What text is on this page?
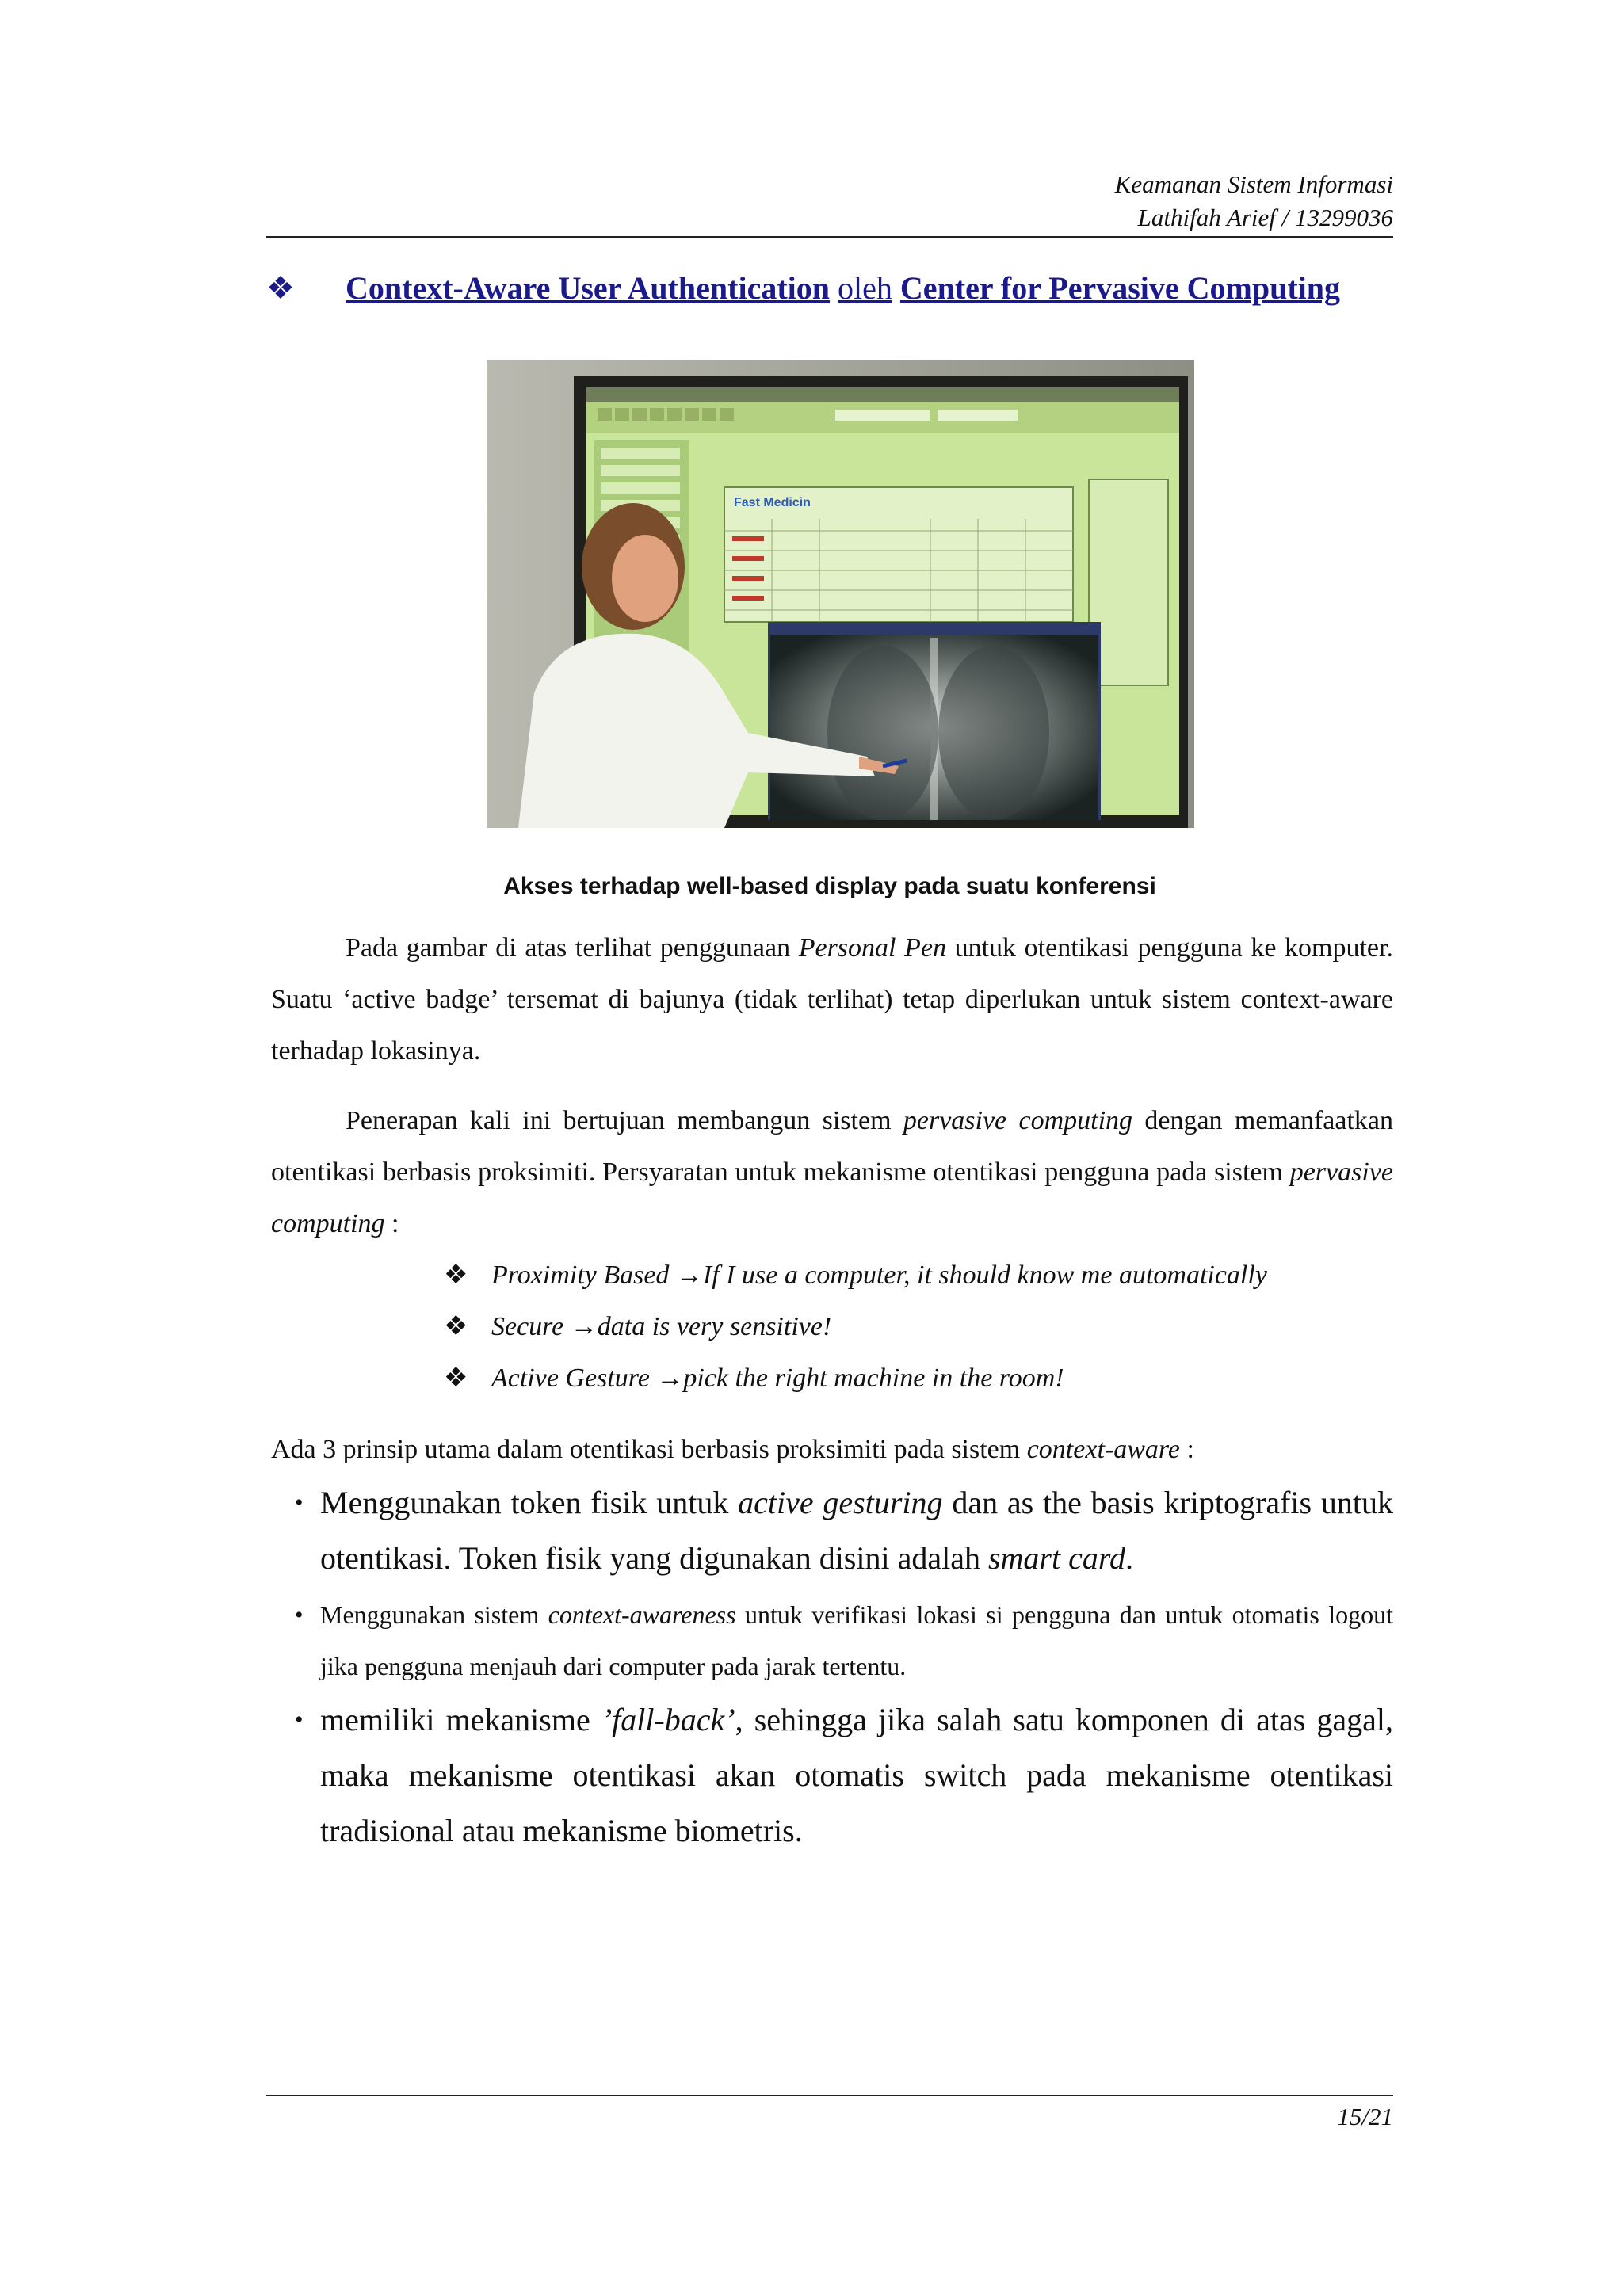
Keamanan Sistem Informasi
Lathifah Arief / 13299036
❖ Context-Aware User Authentication oleh Center for Pervasive Computing
Fast Medicin
Akses terhadap well-based display pada suatu konferensi
Pada gambar di atas terlihat penggunaan Personal Pen untuk otentikasi pengguna ke komputer. Suatu ‘active badge’ tersemat di bajunya (tidak terlihat) tetap diperlukan untuk sistem context-aware terhadap lokasinya.
Penerapan kali ini bertujuan membangun sistem pervasive computing dengan memanfaatkan otentikasi berbasis proksimiti. Persyaratan untuk mekanisme otentikasi pengguna pada sistem pervasive computing :
❖ Proximity Based →If I use a computer, it should know me automatically
❖ Secure →data is very sensitive!
❖ Active Gesture →pick the right machine in the room!
Ada 3 prinsip utama dalam otentikasi berbasis proksimiti pada sistem context-aware :
• Menggunakan token fisik untuk active gesturing dan as the basis kriptografis untuk otentikasi. Token fisik yang digunakan disini adalah smart card.
• Menggunakan sistem context-awareness untuk verifikasi lokasi si pengguna dan untuk otomatis logout jika pengguna menjauh dari computer pada jarak tertentu.
• memiliki mekanisme ’fall-back’, sehingga jika salah satu komponen di atas gagal, maka mekanisme otentikasi akan otomatis switch pada mekanisme otentikasi tradisional atau mekanisme biometris.
15/21
